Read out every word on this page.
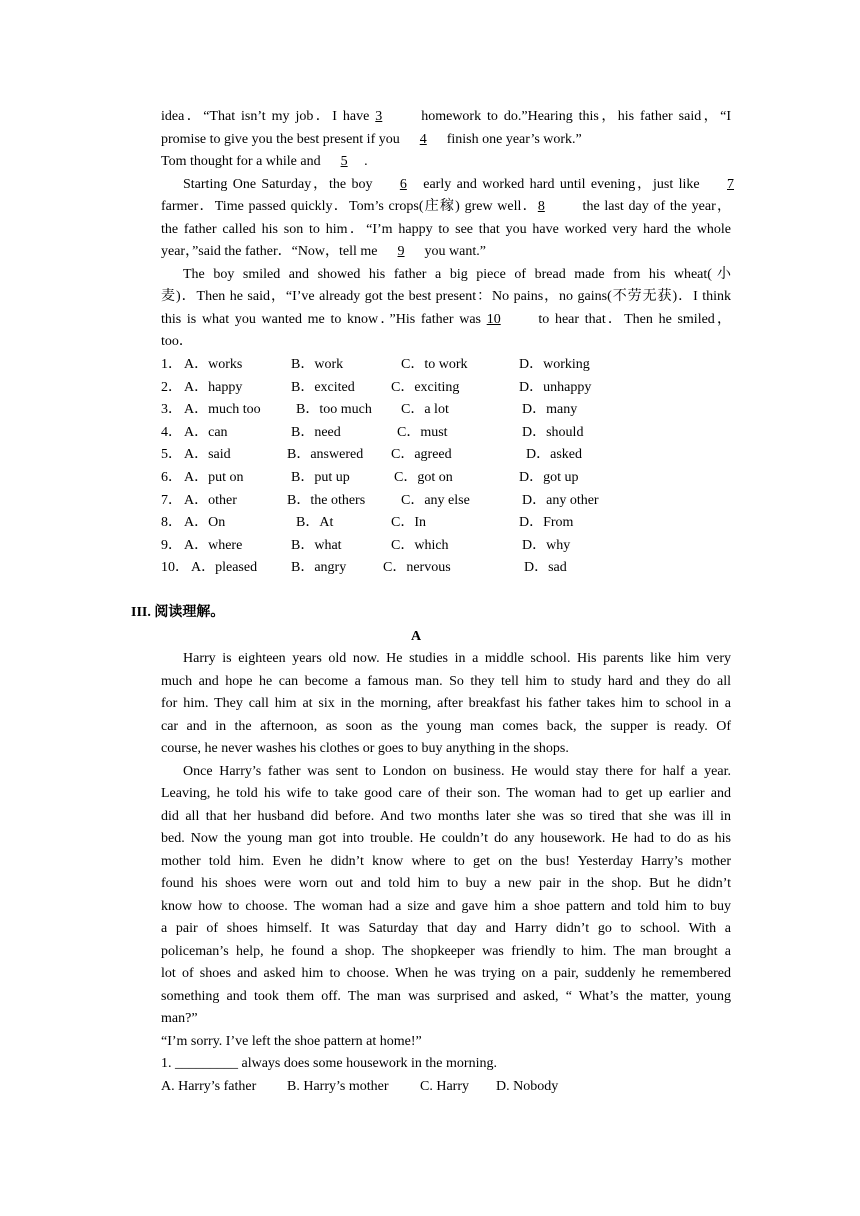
idea．“That isn’t my job．I have 3 homework to do.”Hearing this，his father said，“I
promise to give you the best present if you 4 finish one year’s work.”
Tom thought for a while and 5 .
Starting One Saturday，the boy 6 early and worked hard until evening，just like 7
farmer．Time passed quickly．Tom’s crops(庄稼) grew well．8 the last day of the year，
the father called his son to him．“I’m happy to see that you have worked very hard the whole
year，”said the father．“Now，tell me 9 you want.”
The boy smiled and showed his father a big piece of bread made from his wheat(小
麦)．Then he said，“I’ve already got the best present：No pains，no gains(不劳无获)．I think
this is what you wanted me to know．”His father was 10 to hear that．Then he smiled，
too．
1． A．works	B．work	C．to work	D．working
2． A．happy	B．excited	C．exciting	D．unhappy
3． A．much too	B．too much C．a lot	D．many
4． A．can	B．need	C．must	D．should
5． A．said	B．answered C．agreed	D．asked
6． A．put on	B．put up	C．got on	D．got up
7． A．other	B．the others	C．any else	D．any other
8． A．On	B．At	C．In	D．From
9． A．where	B．what	C．which	D．why
10． A．pleased B．angry	C．nervous	D．sad
III. 阅读理解。
A
Harry is eighteen years old now. He studies in a middle school. His parents like him very
much and hope he can become a famous man. So they tell him to study hard and they do all
for him. They call him at six in the morning, after breakfast his father takes him to school in a
car and in the afternoon, as soon as the young man comes back, the supper is ready. Of
course, he never washes his clothes or goes to buy anything in the shops.
Once Harry’s father was sent to London on business. He would stay there for half a year.
Leaving, he told his wife to take good care of their son. The woman had to get up earlier and
did all that her husband did before. And two months later she was so tired that she was ill in
bed. Now the young man got into trouble. He couldn’t do any housework. He had to do as his
mother told him. Even he didn’t know where to get on the bus! Yesterday Harry’s mother
found his shoes were worn out and told him to buy a new pair in the shop. But he didn’t
know how to choose. The woman had a size and gave him a shoe pattern and told him to buy
a pair of shoes himself. It was Saturday that day and Harry didn’t go to school. With a
policeman’s help, he found a shop. The shopkeeper was friendly to him. The man brought a
lot of shoes and asked him to choose. When he was trying on a pair, suddenly he remembered
something and took them off. The man was surprised and asked, “ What’s the matter, young
man?”
“I’m sorry. I’ve left the shoe pattern at home!”
1. _________ always does some housework in the morning.
A. Harry’s father B. Harry’s mother C. Harry D. Nobody
